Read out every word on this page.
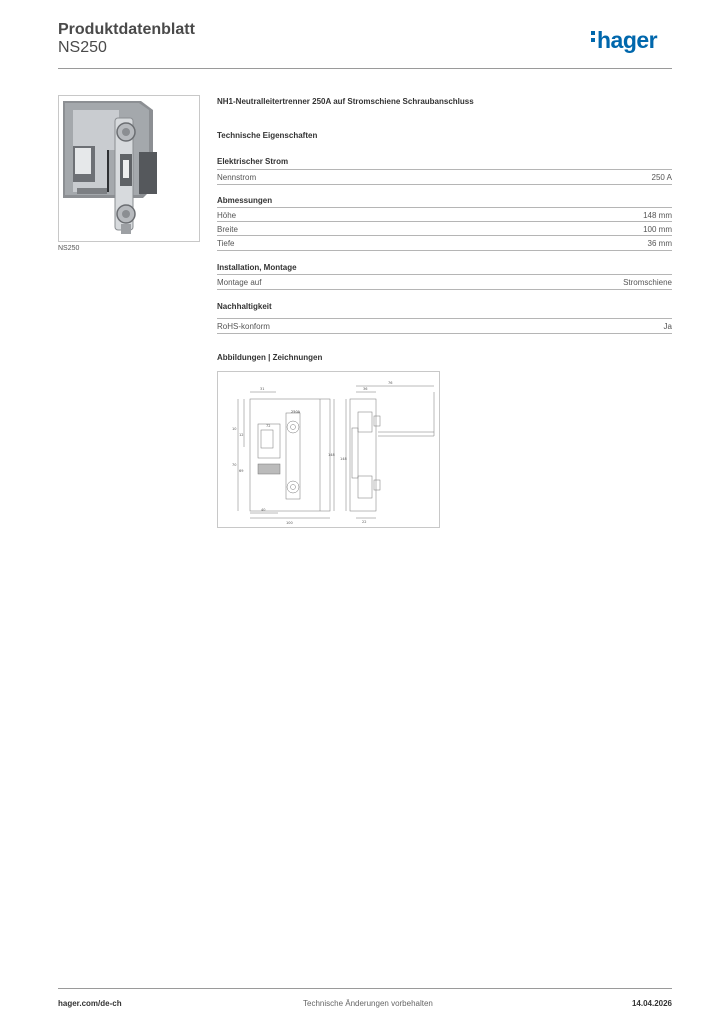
Produktdatenblatt
NS250	hager
NS250
NH1-Neutralleitertrenner 250A auf Stromschiene Schraubanschluss
Technische Eigenschaften
Elektrischer Strom
Nennstrom	250 A
Abmessungen
Höhe	148 mm
Breite	100 mm
Tiefe	36 mm
Installation, Montage
Montage auf	Stromschiene
Nachhaltigkeit
RoHS-konform	Ja
Abbildungen | Zeichnungen
250A
31
72
10
12
70
69
40
100
148
76
36
148
22
hager.com/de-ch	Technische Änderungen vorbehalten	14.04.2026
